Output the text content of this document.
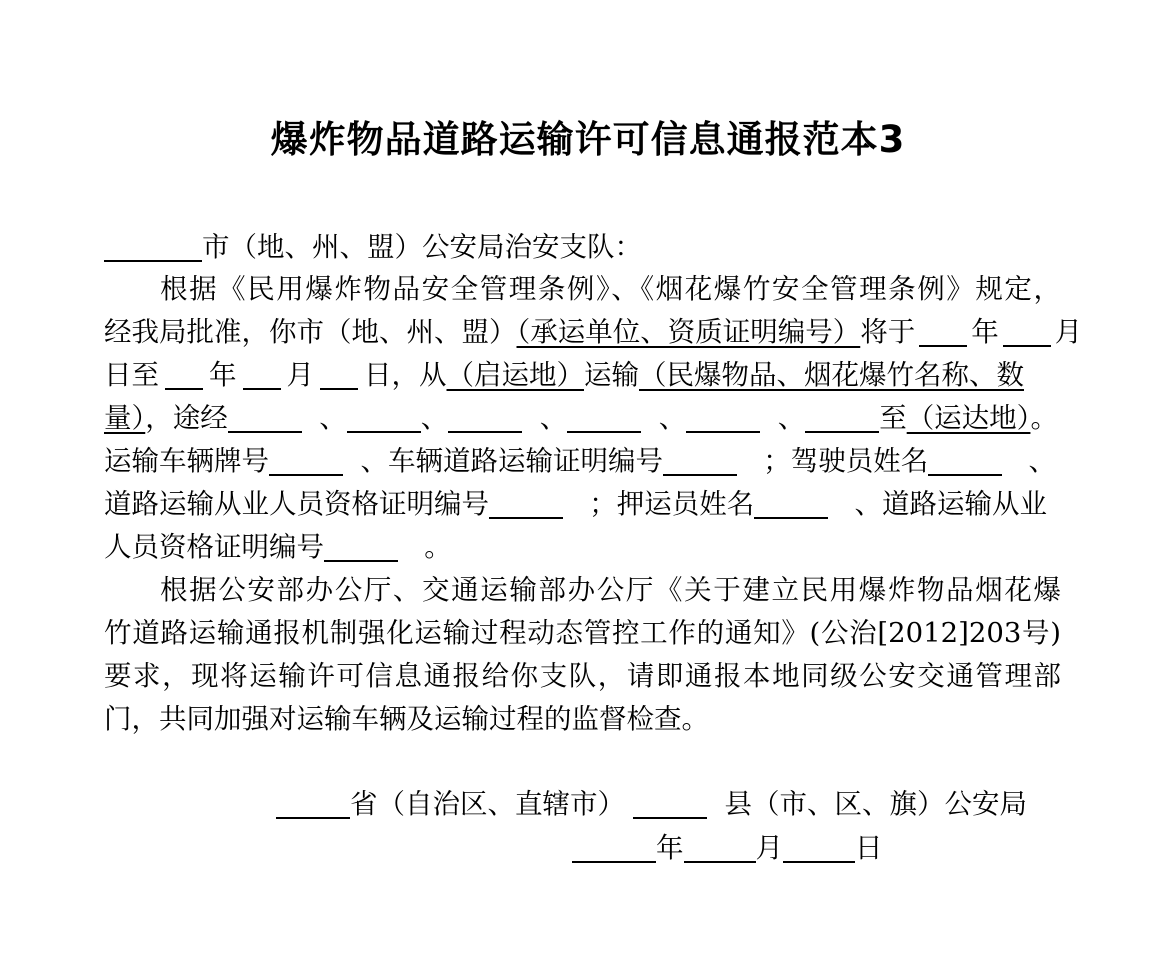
爆炸物品道路运输许可信息通报范本3
市（地、州、盟）公安局治安支队：
根据《民用爆炸物品安全管理条例》、《烟花爆竹安全管理条例》规定，
经我局批准，你市（地、州、盟）（承运单位、资质证明编号）将于 年 月
日至 年 月 日，从（启运地）运输（民爆物品、烟花爆竹名称、数
量），途经	、	、	、	、	、	至（运达地）。
运输车辆牌号	、车辆道路运输证明编号	；驾驶员姓名	、
道路运输从业人员资格证明编号	；押运员姓名	、道路运输从业
人员资格证明编号	。
根据公安部办公厅、交通运输部办公厅《关于建立民用爆炸物品烟花爆
竹道路运输通报机制强化运输过程动态管控工作的通知》(公治[2012]203号)
要求，现将运输许可信息通报给你支队，请即通报本地同级公安交通管理部
门，共同加强对运输车辆及运输过程的监督检查。
省（自治区、直辖市）	县（市、区、旗）公安局
年	月	日
